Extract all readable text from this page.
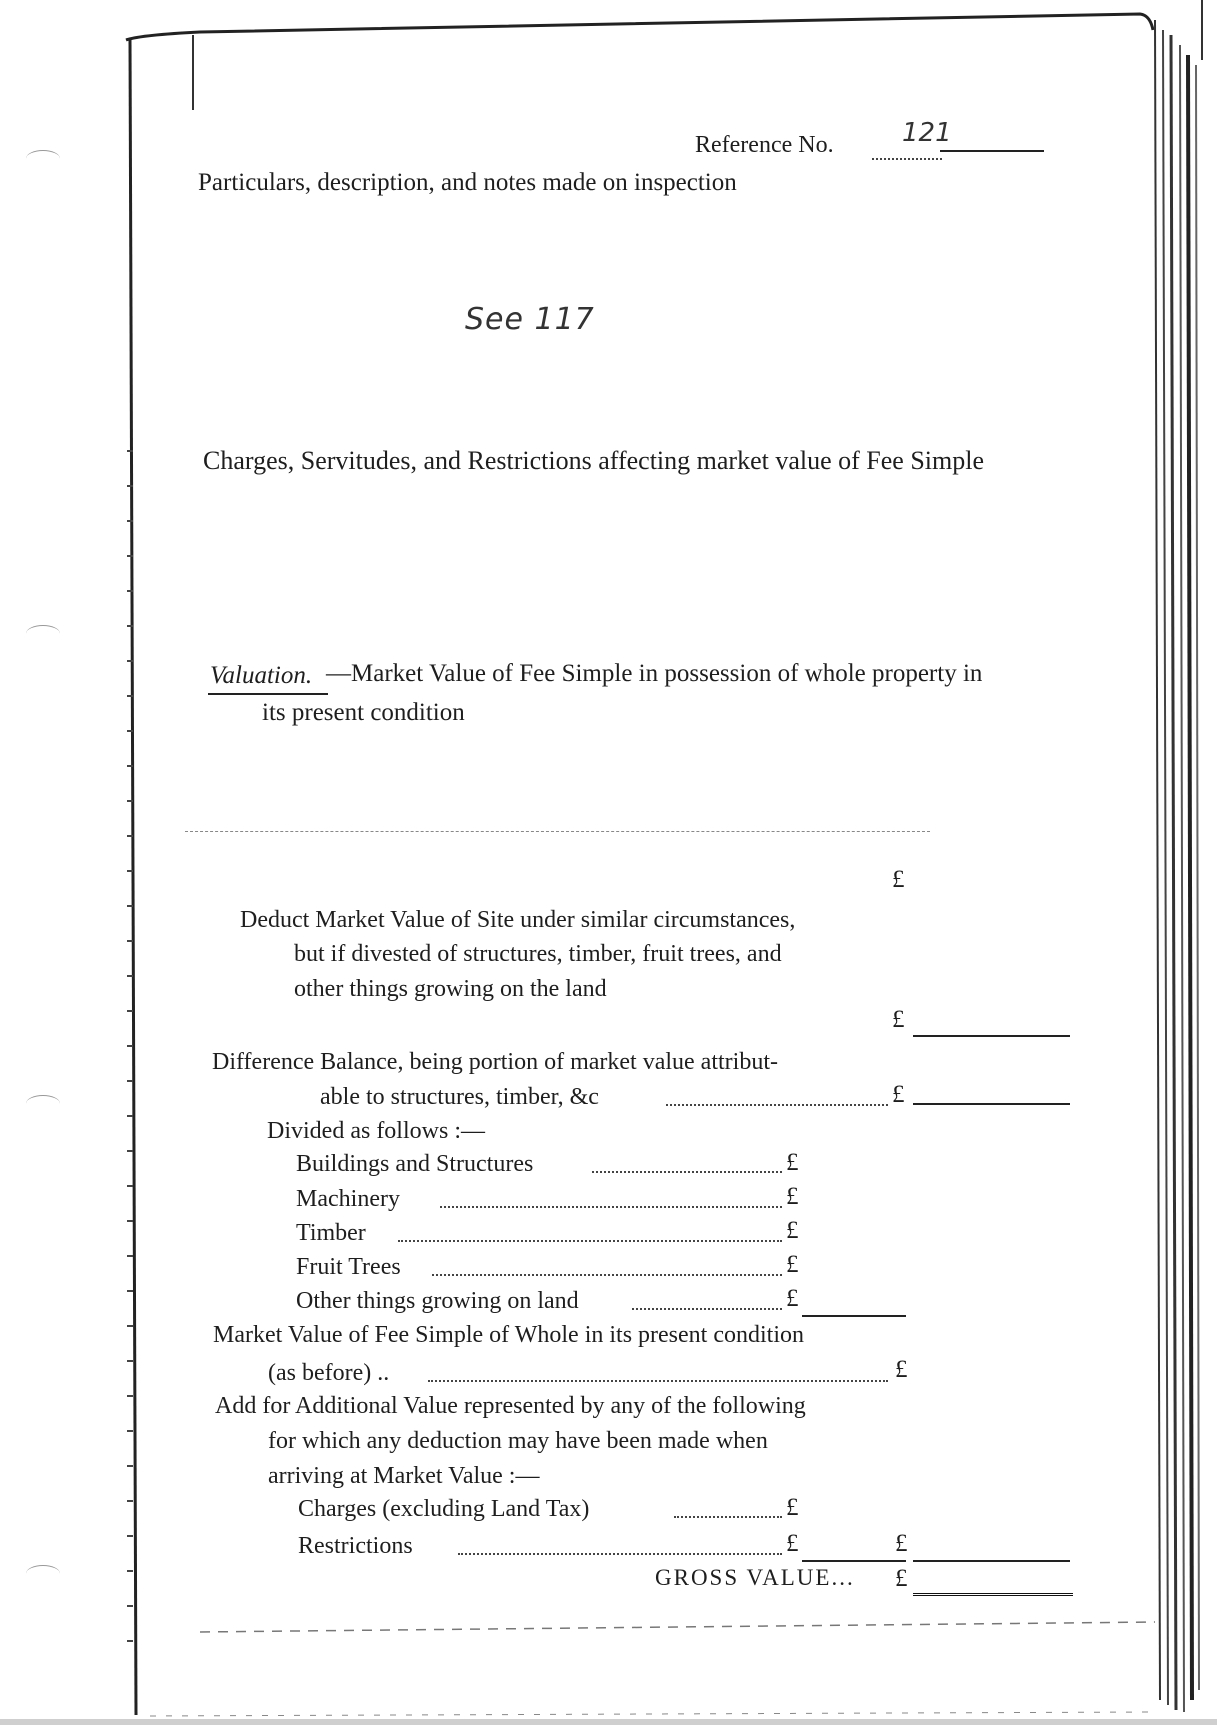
Reference No.	121
Particulars, description, and notes made on inspection
See 117
Charges, Servitudes, and Restrictions affecting market value of Fee Simple
Valuation. —Market Value of Fee Simple in possession of whole property in
its present condition
£
Deduct Market Value of Site under similar circumstances,
but if divested of structures, timber, fruit trees, and
other things growing on the land
£
Difference Balance, being portion of market value attribut-
able to structures, timber, &c	£
Divided as follows :—
Buildings and Structures	£
Machinery	£
Timber	£
Fruit Trees	£
Other things growing on land	£
Market Value of Fee Simple of Whole in its present condition
(as before) ..	£
Add for Additional Value represented by any of the following
for which any deduction may have been made when
arriving at Market Value :—
Charges (excluding Land Tax)	£
Restrictions	£	£
GROSS VALUE... £
